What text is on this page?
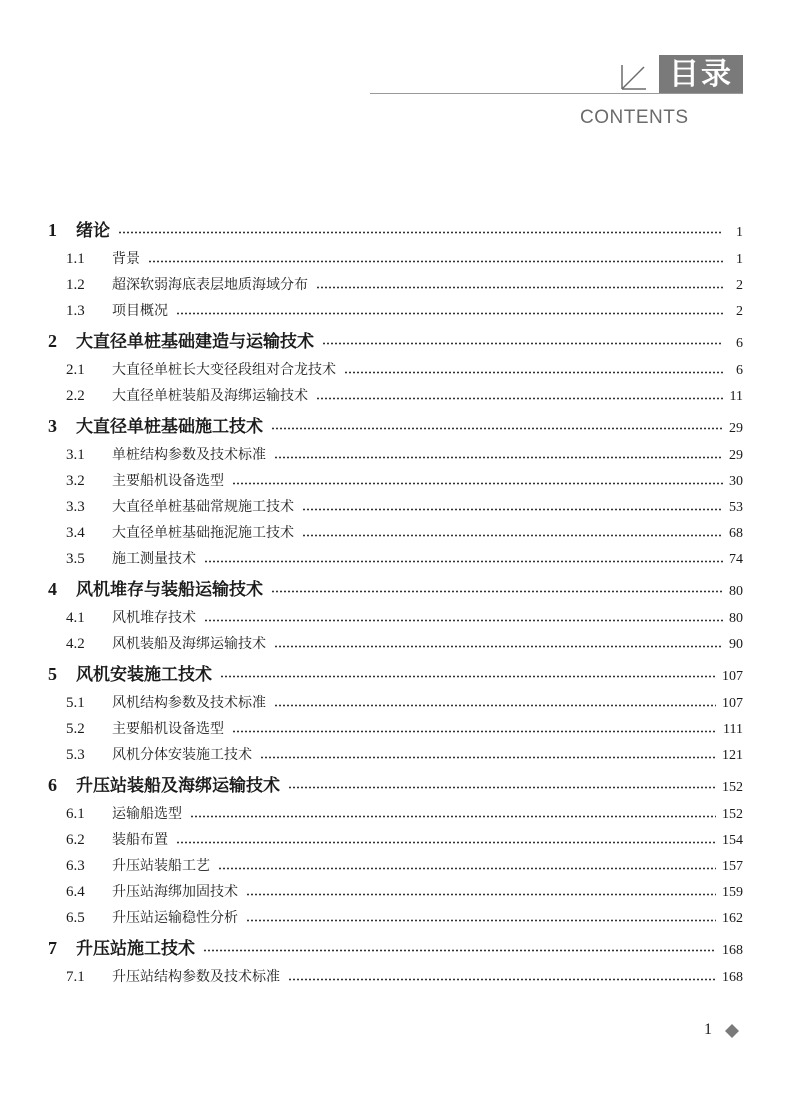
目录
CONTENTS
1	绪论	1
1.1	背景	1
1.2	超深软弱海底表层地质海域分布	2
1.3	项目概况	2
2	大直径单桩基础建造与运输技术	6
2.1	大直径单桩长大变径段组对合龙技术	6
2.2	大直径单桩装船及海绑运输技术	11
3	大直径单桩基础施工技术	29
3.1	单桩结构参数及技术标准	29
3.2	主要船机设备选型	30
3.3	大直径单桩基础常规施工技术	53
3.4	大直径单桩基础拖泥施工技术	68
3.5	施工测量技术	74
4	风机堆存与装船运输技术	80
4.1	风机堆存技术	80
4.2	风机装船及海绑运输技术	90
5	风机安装施工技术	107
5.1	风机结构参数及技术标准	107
5.2	主要船机设备选型	111
5.3	风机分体安装施工技术	121
6	升压站装船及海绑运输技术	152
6.1	运输船选型	152
6.2	装船布置	154
6.3	升压站装船工艺	157
6.4	升压站海绑加固技术	159
6.5	升压站运输稳性分析	162
7	升压站施工技术	168
7.1	升压站结构参数及技术标准	168
1
